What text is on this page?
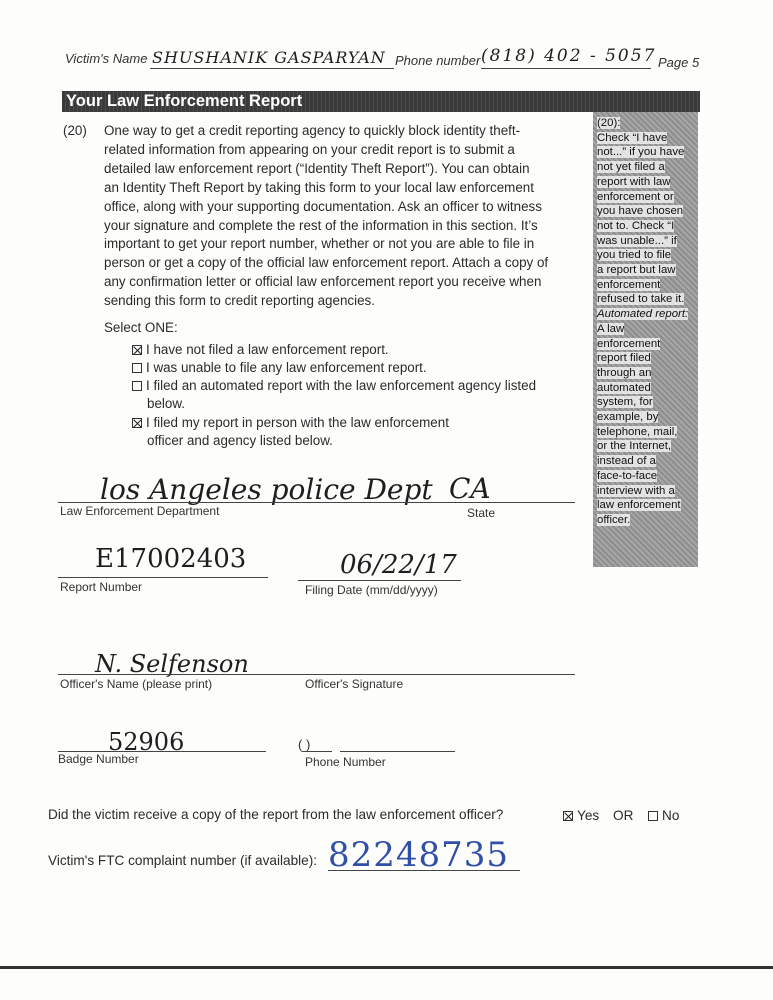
Victim's Name SHUSHANIK GASPARYAN Phone number (818) 402 - 5057 Page 5
Your Law Enforcement Report
(20) One way to get a credit reporting agency to quickly block identity theft-
related information from appearing on your credit report is to submit a
detailed law enforcement report (“Identity Theft Report”). You can obtain
an Identity Theft Report by taking this form to your local law enforcement
office, along with your supporting documentation. Ask an officer to witness
your signature and complete the rest of the information in this section. It’s
important to get your report number, whether or not you are able to file in
person or get a copy of the official law enforcement report. Attach a copy of
any confirmation letter or official law enforcement report you receive when
sending this form to credit reporting agencies.
(20):
Check “I have
not...” if you have
not yet filed a
report with law
enforcement or
you have chosen
not to. Check “I
was unable...” if
you tried to file
a report but law
enforcement
refused to take it.
Automated report:
A law
enforcement
report filed
through an
automated
system, for
example, by
telephone, mail,
or the Internet,
instead of a
face-to-face
interview with a
law enforcement
officer.
Select ONE:
I have not filed a law enforcement report.
I was unable to file any law enforcement report.
I filed an automated report with the law enforcement agency listed
below.
I filed my report in person with the law enforcement
officer and agency listed below.
los Angeles police Dept CA
Law Enforcement Department	State
E17002403
Report Number
06/22/17
Filing Date (mm/dd/yyyy)
N. Selfenson
Officer's Name (please print)	Officer's Signature
52906
Badge Number
( )
Phone Number
Did the victim receive a copy of the report from the law enforcement officer?	Yes OR	No
Victim's FTC complaint number (if available): 82248735
